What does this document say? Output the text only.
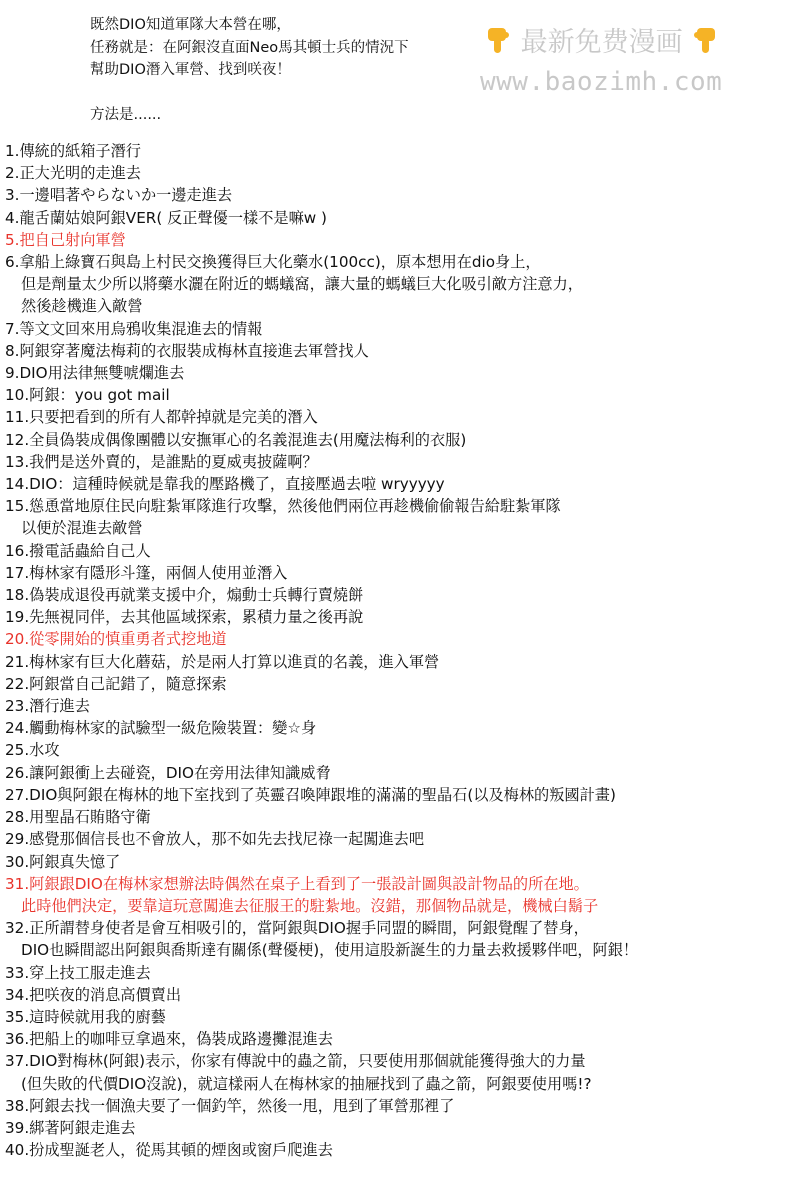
既然DIO知道軍隊大本營在哪，
任務就是：在阿銀沒直面Neo馬其頓士兵的情況下
幫助DIO潛入軍營、找到咲夜！
方法是......
1.傳統的紙箱子潛行
2.正大光明的走進去
3.一邊唱著やらないか一邊走進去
4.龍舌蘭姑娘阿銀VER( 反正聲優一樣不是嘛w )
5.把自己射向軍營
6.拿船上綠寶石與島上村民交換獲得巨大化藥水(100cc)，原本想用在dio身上，
但是劑量太少所以將藥水灑在附近的螞蟻窩，讓大量的螞蟻巨大化吸引敵方注意力，
然後趁機進入敵營
7.等文文回來用烏鴉收集混進去的情報
8.阿銀穿著魔法梅莉的衣服裝成梅林直接進去軍營找人
9.DIO用法律無雙唬爛進去
10.阿銀：you got mail
11.只要把看到的所有人都幹掉就是完美的潛入
12.全員偽裝成偶像團體以安撫軍心的名義混進去(用魔法梅利的衣服)
13.我們是送外賣的，是誰點的夏威夷披薩啊？
14.DIO：這種時候就是靠我的壓路機了，直接壓過去啦 wryyyyy
15.慫恿當地原住民向駐紮軍隊進行攻擊，然後他們兩位再趁機偷偷報告給駐紮軍隊
以便於混進去敵營
16.撥電話蟲給自己人
17.梅林家有隱形斗篷，兩個人使用並潛入
18.偽裝成退役再就業支援中介，煽動士兵轉行賣燒餅
19.先無視同伴，去其他區域探索，累積力量之後再說
20.從零開始的慎重勇者式挖地道
21.梅林家有巨大化蘑菇，於是兩人打算以進貢的名義，進入軍營
22.阿銀當自己記錯了，隨意探索
23.潛行進去
24.觸動梅林家的試驗型一級危險裝置：變☆身
25.水攻
26.讓阿銀衝上去碰瓷，DIO在旁用法律知識威脅
27.DIO與阿銀在梅林的地下室找到了英靈召喚陣跟堆的滿滿的聖晶石(以及梅林的叛國計畫)
28.用聖晶石賄賂守衛
29.感覺那個信長也不會放人，那不如先去找尼祿一起闖進去吧
30.阿銀真失憶了
31.阿銀跟DIO在梅林家想辦法時偶然在桌子上看到了一張設計圖與設計物品的所在地。
此時他們決定，要靠這玩意闖進去征服王的駐紮地。沒錯，那個物品就是，機械白鬍子
32.正所謂替身使者是會互相吸引的，當阿銀與DIO握手同盟的瞬間，阿銀覺醒了替身，
DIO也瞬間認出阿銀與喬斯達有關係(聲優梗)，使用這股新誕生的力量去救援夥伴吧，阿銀！
33.穿上技工服走進去
34.把咲夜的消息高價賣出
35.這時候就用我的廚藝
36.把船上的咖啡豆拿過來，偽裝成路邊攤混進去
37.DIO對梅林(阿銀)表示，你家有傳說中的蟲之箭，只要使用那個就能獲得強大的力量
(但失敗的代價DIO沒說)，就這樣兩人在梅林家的抽屜找到了蟲之箭，阿銀要使用嗎!?
38.阿銀去找一個漁夫要了一個釣竿，然後一甩，甩到了軍營那裡了
39.綁著阿銀走進去
40.扮成聖誕老人，從馬其頓的煙囪或窗戶爬進去
最新免费漫画
www.baozimh.com
